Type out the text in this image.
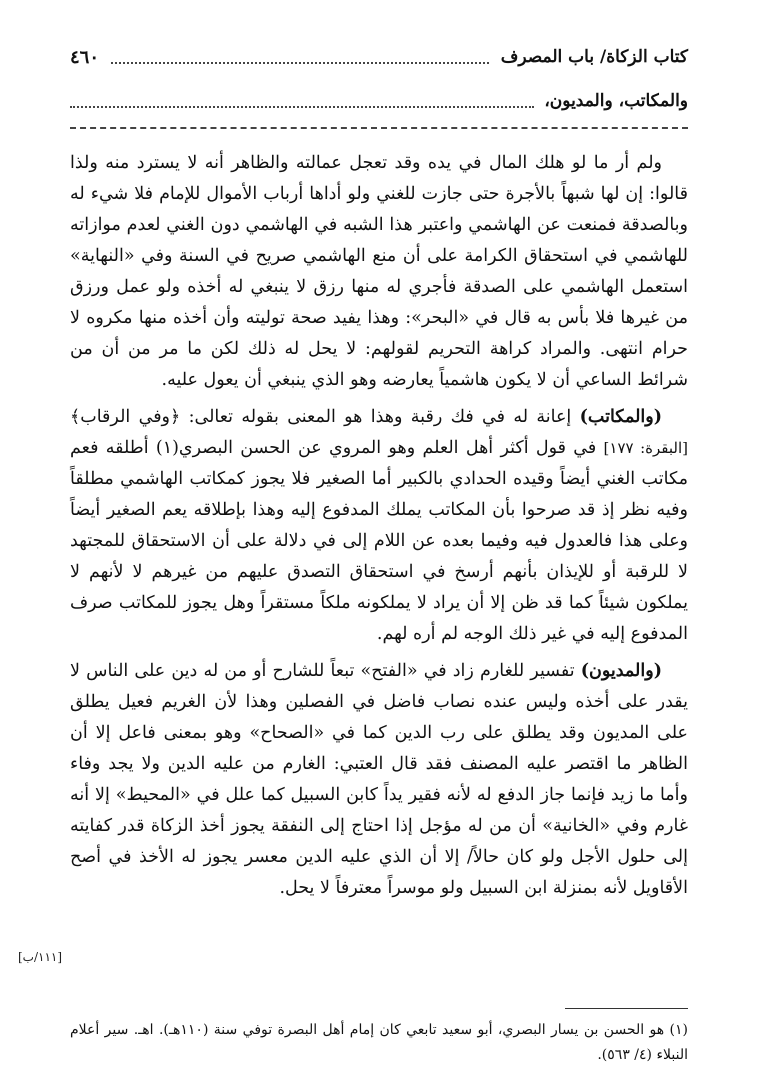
كتاب الزكاة/ باب المصرف
٤٦٠
والمكاتب، والمديون،

ولم أر ما لو هلك المال في يده وقد تعجل عمالته والظاهر أنه لا يسترد منه ولذا قالوا: إن لها شبهاً بالأجرة حتى جازت للغني ولو أداها أرباب الأموال للإمام فلا شيء له وبالصدقة فمنعت عن الهاشمي واعتبر هذا الشبه في الهاشمي دون الغني لعدم موازاته للهاشمي في استحقاق الكرامة على أن منع الهاشمي صريح في السنة وفي «النهاية» استعمل الهاشمي على الصدقة فأجري له منها رزق لا ينبغي له أخذه ولو عمل ورزق من غيرها فلا بأس به قال في «البحر»: وهذا يفيد صحة توليته وأن أخذه منها مكروه لا حرام انتهى. والمراد كراهة التحريم لقولهم: لا يحل له ذلك لكن ما مر من أن من شرائط الساعي أن لا يكون هاشمياً يعارضه وهو الذي ينبغي أن يعول عليه.

(والمكاتب) إعانة له في فك رقبة وهذا هو المعنى بقوله تعالى: ﴿وفي الرقاب﴾ [البقرة: ١٧٧] في قول أكثر أهل العلم وهو المروي عن الحسن البصري(١) أطلقه فعم مكاتب الغني أيضاً وقيده الحدادي بالكبير أما الصغير فلا يجوز كمكاتب الهاشمي مطلقاً وفيه نظر إذ قد صرحوا بأن المكاتب يملك المدفوع إليه وهذا بإطلاقه يعم الصغير أيضاً وعلى هذا فالعدول فيه وفيما بعده عن اللام إلى في دلالة على أن الاستحقاق للمجتهد لا للرقبة أو للإيذان بأنهم أرسخ في استحقاق التصدق عليهم من غيرهم لا لأنهم لا يملكون شيئاً كما قد ظن إلا أن يراد لا يملكونه ملكاً مستقراً وهل يجوز للمكاتب صرف المدفوع إليه في غير ذلك الوجه لم أره لهم.

(والمديون) تفسير للغارم زاد في «الفتح» تبعاً للشارح أو من له دين على الناس لا يقدر على أخذه وليس عنده نصاب فاضل في الفصلين وهذا لأن الغريم فعيل يطلق على المديون وقد يطلق على رب الدين كما في «الصحاح» وهو بمعنى فاعل إلا أن الظاهر ما اقتصر عليه المصنف فقد قال العتبي: الغارم من عليه الدين ولا يجد وفاء وأما ما زيد فإنما جاز الدفع له لأنه فقير يداً كابن السبيل كما علل في «المحيط» إلا أنه غارم وفي «الخانية» أن من له مؤجل إذا احتاج إلى النفقة يجوز أخذ الزكاة قدر كفايته إلى حلول الأجل ولو كان حالاً/ إلا أن الذي عليه الدين معسر يجوز له الأخذ في أصح الأقاويل لأنه بمنزلة ابن السبيل ولو موسراً معترفاً لا يحل.

[١١١/ب]
(١) هو الحسن بن يسار البصري، أبو سعيد تابعي كان إمام أهل البصرة توفي سنة (١١٠هـ). اهـ. سير أعلام النبلاء (٤/ ٥٦٣).
